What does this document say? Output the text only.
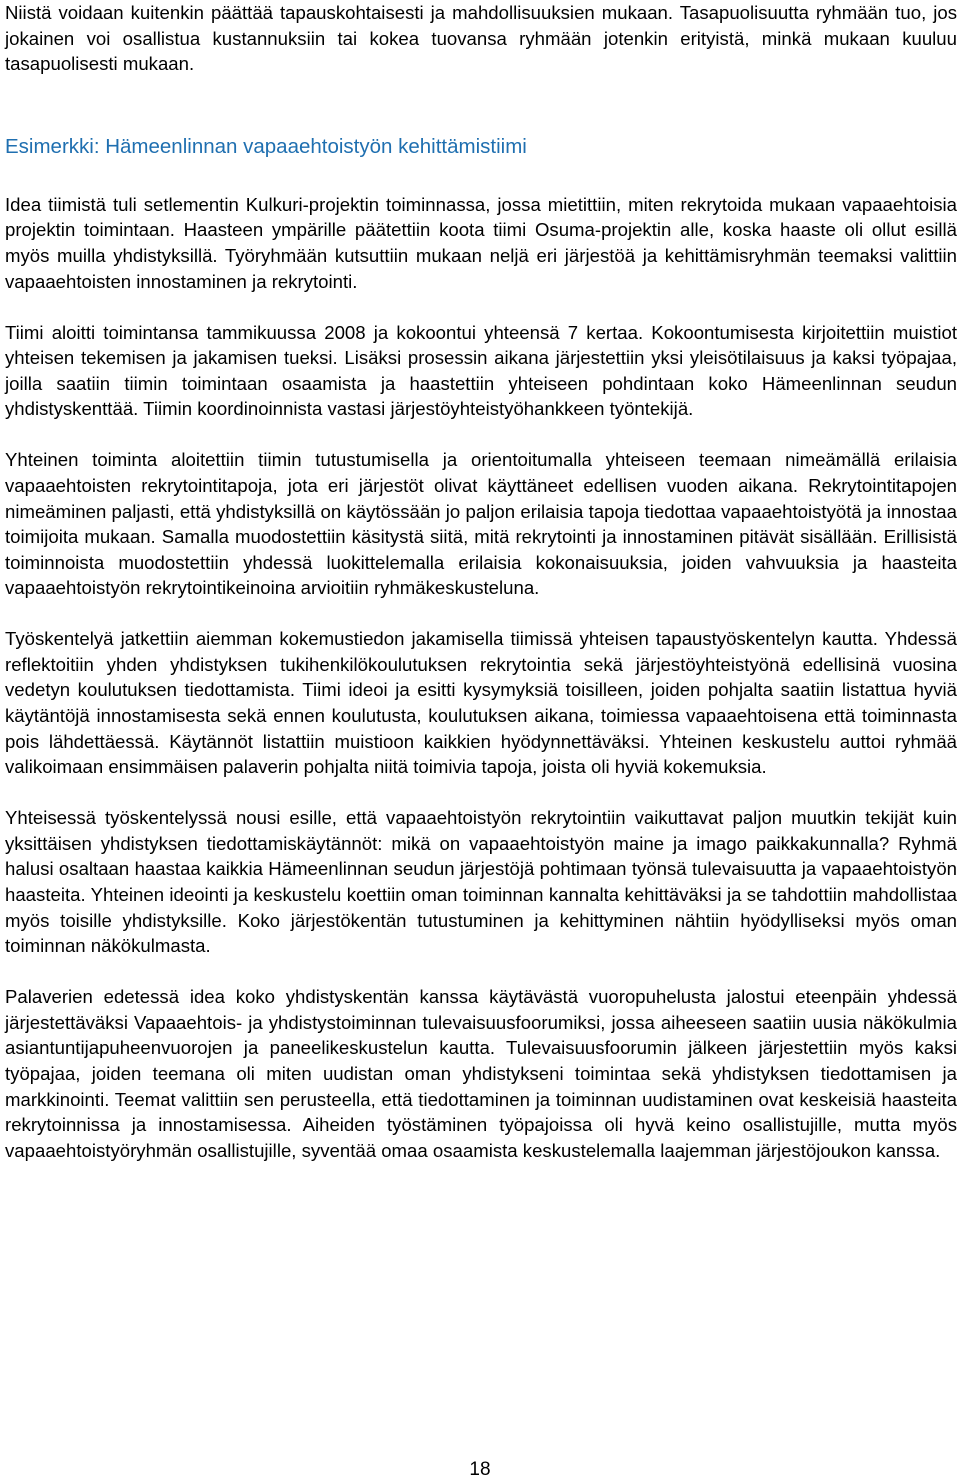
Niistä voidaan kuitenkin päättää tapauskohtaisesti ja mahdollisuuksien mukaan. Tasapuolisuutta ryhmään tuo, jos jokainen voi osallistua kustannuksiin tai kokea tuovansa ryhmään jotenkin erityistä, minkä mukaan kuuluu tasapuolisesti mukaan.

Esimerkki: Hämeenlinnan vapaaehtoistyön kehittämistiimi

Idea tiimistä tuli setlementin Kulkuri-projektin toiminnassa, jossa mietittiin, miten rekrytoida mukaan vapaaehtoisia projektin toimintaan. Haasteen ympärille päätettiin koota tiimi Osuma-projektin alle, koska haaste oli ollut esillä myös muilla yhdistyksillä. Työryhmään kutsuttiin mukaan neljä eri järjestöä ja kehittämisryhmän teemaksi valittiin vapaaehtoisten innostaminen ja rekrytointi.

Tiimi aloitti toimintansa tammikuussa 2008 ja kokoontui yhteensä 7 kertaa. Kokoontumisesta kirjoitettiin muistiot yhteisen tekemisen ja jakamisen tueksi. Lisäksi prosessin aikana järjestettiin yksi yleisötilaisuus ja kaksi työpajaa, joilla saatiin tiimin toimintaan osaamista ja haastettiin yhteiseen pohdintaan koko Hämeenlinnan seudun yhdistyskenttää. Tiimin koordinoinnista vastasi järjestöyhteistyöhankkeen työntekijä.

Yhteinen toiminta aloitettiin tiimin tutustumisella ja orientoitumalla yhteiseen teemaan nimeämällä erilaisia vapaaehtoisten rekrytointitapoja, jota eri järjestöt olivat käyttäneet edellisen vuoden aikana. Rekrytointitapojen nimeäminen paljasti, että yhdistyksillä on käytössään jo paljon erilaisia tapoja tiedottaa vapaaehtoistyötä ja innostaa toimijoita mukaan. Samalla muodostettiin käsitystä siitä, mitä rekrytointi ja innostaminen pitävät sisällään. Erillisistä toiminnoista muodostettiin yhdessä luokittelemalla erilaisia kokonaisuuksia, joiden vahvuuksia ja haasteita vapaaehtoistyön rekrytointikeinoina arvioitiin ryhmäkeskusteluna.

Työskentelyä jatkettiin aiemman kokemustiedon jakamisella tiimissä yhteisen tapaustyöskentelyn kautta. Yhdessä reflektoitiin yhden yhdistyksen tukihenkilökoulutuksen rekrytointia sekä järjestöyhteistyönä edellisinä vuosina vedetyn koulutuksen tiedottamista. Tiimi ideoi ja esitti kysymyksiä toisilleen, joiden pohjalta saatiin listattua hyviä käytäntöjä innostamisesta sekä ennen koulutusta, koulutuksen aikana, toimiessa vapaaehtoisena että toiminnasta pois lähdettäessä. Käytännöt listattiin muistioon kaikkien hyödynnettäväksi. Yhteinen keskustelu auttoi ryhmää valikoimaan ensimmäisen palaverin pohjalta niitä toimivia tapoja, joista oli hyviä kokemuksia.

Yhteisessä työskentelyssä nousi esille, että vapaaehtoistyön rekrytointiin vaikuttavat paljon muutkin tekijät kuin yksittäisen yhdistyksen tiedottamiskäytännöt: mikä on vapaaehtoistyön maine ja imago paikkakunnalla? Ryhmä halusi osaltaan haastaa kaikkia Hämeenlinnan seudun järjestöjä pohtimaan työnsä tulevaisuutta ja vapaaehtoistyön haasteita. Yhteinen ideointi ja keskustelu koettiin oman toiminnan kannalta kehittäväksi ja se tahdottiin mahdollistaa myös toisille yhdistyksille. Koko järjestökentän tutustuminen ja kehittyminen nähtiin hyödylliseksi myös oman toiminnan näkökulmasta.

Palaverien edetessä idea koko yhdistyskentän kanssa käytävästä vuoropuhelusta jalostui eteenpäin yhdessä järjestettäväksi Vapaaehtois- ja yhdistystoiminnan tulevaisuusfoorumiksi, jossa aiheeseen saatiin uusia näkökulmia asiantuntijapuheenvuorojen ja paneelikeskustelun kautta. Tulevaisuusfoorumin jälkeen järjestettiin myös kaksi työpajaa, joiden teemana oli miten uudistan oman yhdistykseni toimintaa sekä yhdistyksen tiedottamisen ja markkinointi. Teemat valittiin sen perusteella, että tiedottaminen ja toiminnan uudistaminen ovat keskeisiä haasteita rekrytoinnissa ja innostamisessa. Aiheiden työstäminen työpajoissa oli hyvä keino osallistujille, mutta myös vapaaehtoistyöryhmän osallistujille, syventää omaa osaamista keskustelemalla laajemman järjestöjoukon kanssa.

18
